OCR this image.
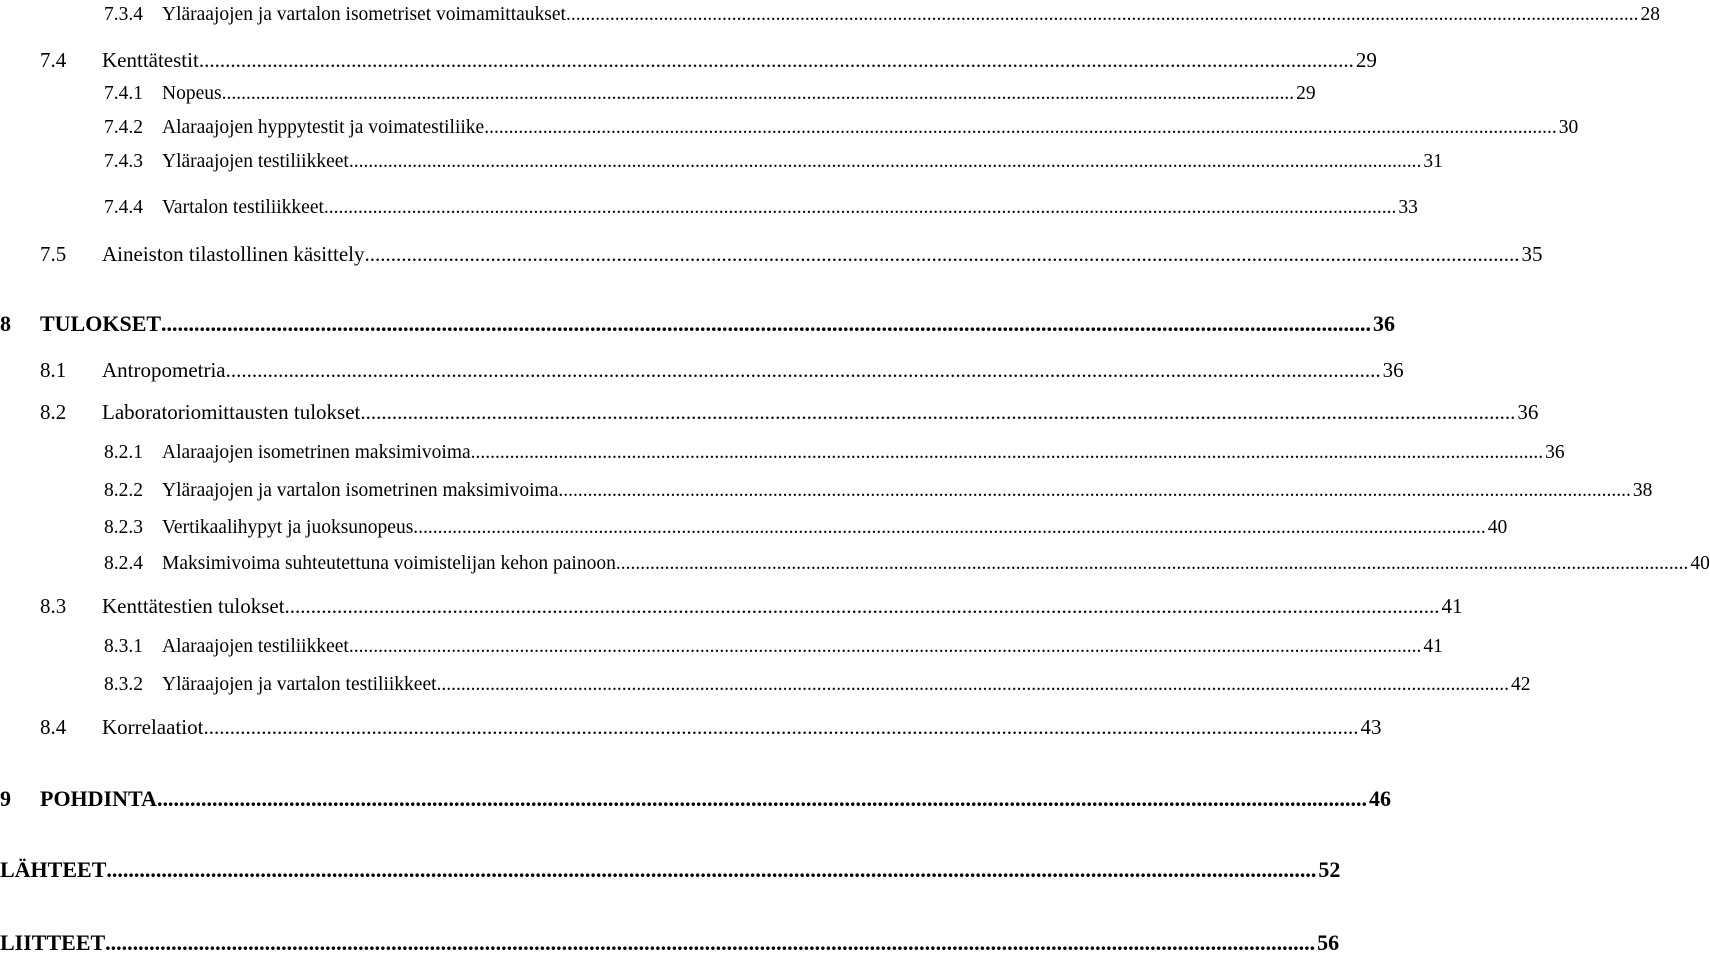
7.3.4 Yläraajojen ja vartalon isometriset voimamittaukset ............................................................................................................................................................................................................................ 28
7.4	Kenttätestit ............................................................................................................................................................................................................................ 29
7.4.1 Nopeus ............................................................................................................................................................................................................................ 29
7.4.2 Alaraajojen hyppytestit ja voimatestiliike ............................................................................................................................................................................................................................ 30
7.4.3 Yläraajojen testiliikkeet ............................................................................................................................................................................................................................ 31
7.4.4 Vartalon testiliikkeet ............................................................................................................................................................................................................................ 33
7.5	Aineiston tilastollinen käsittely ............................................................................................................................................................................................................................ 35
8	TULOKSET ............................................................................................................................................................................................................................ 36
8.1	Antropometria ............................................................................................................................................................................................................................ 36
8.2	Laboratoriomittausten tulokset ............................................................................................................................................................................................................................ 36
8.2.1 Alaraajojen isometrinen maksimivoima ............................................................................................................................................................................................................................ 36
8.2.2 Yläraajojen ja vartalon isometrinen maksimivoima ............................................................................................................................................................................................................................ 38
8.2.3 Vertikaalihypyt ja juoksunopeus ............................................................................................................................................................................................................................ 40
8.2.4 Maksimivoima suhteutettuna voimistelijan kehon painoon ............................................................................................................................................................................................................................ 40
8.3	Kenttätestien tulokset ............................................................................................................................................................................................................................ 41
8.3.1 Alaraajojen testiliikkeet ............................................................................................................................................................................................................................ 41
8.3.2 Yläraajojen ja vartalon testiliikkeet ............................................................................................................................................................................................................................ 42
8.4	Korrelaatiot ............................................................................................................................................................................................................................ 43
9	POHDINTA ............................................................................................................................................................................................................................ 46
LÄHTEET ............................................................................................................................................................................................................................ 52
LIITTEET ............................................................................................................................................................................................................................ 56
